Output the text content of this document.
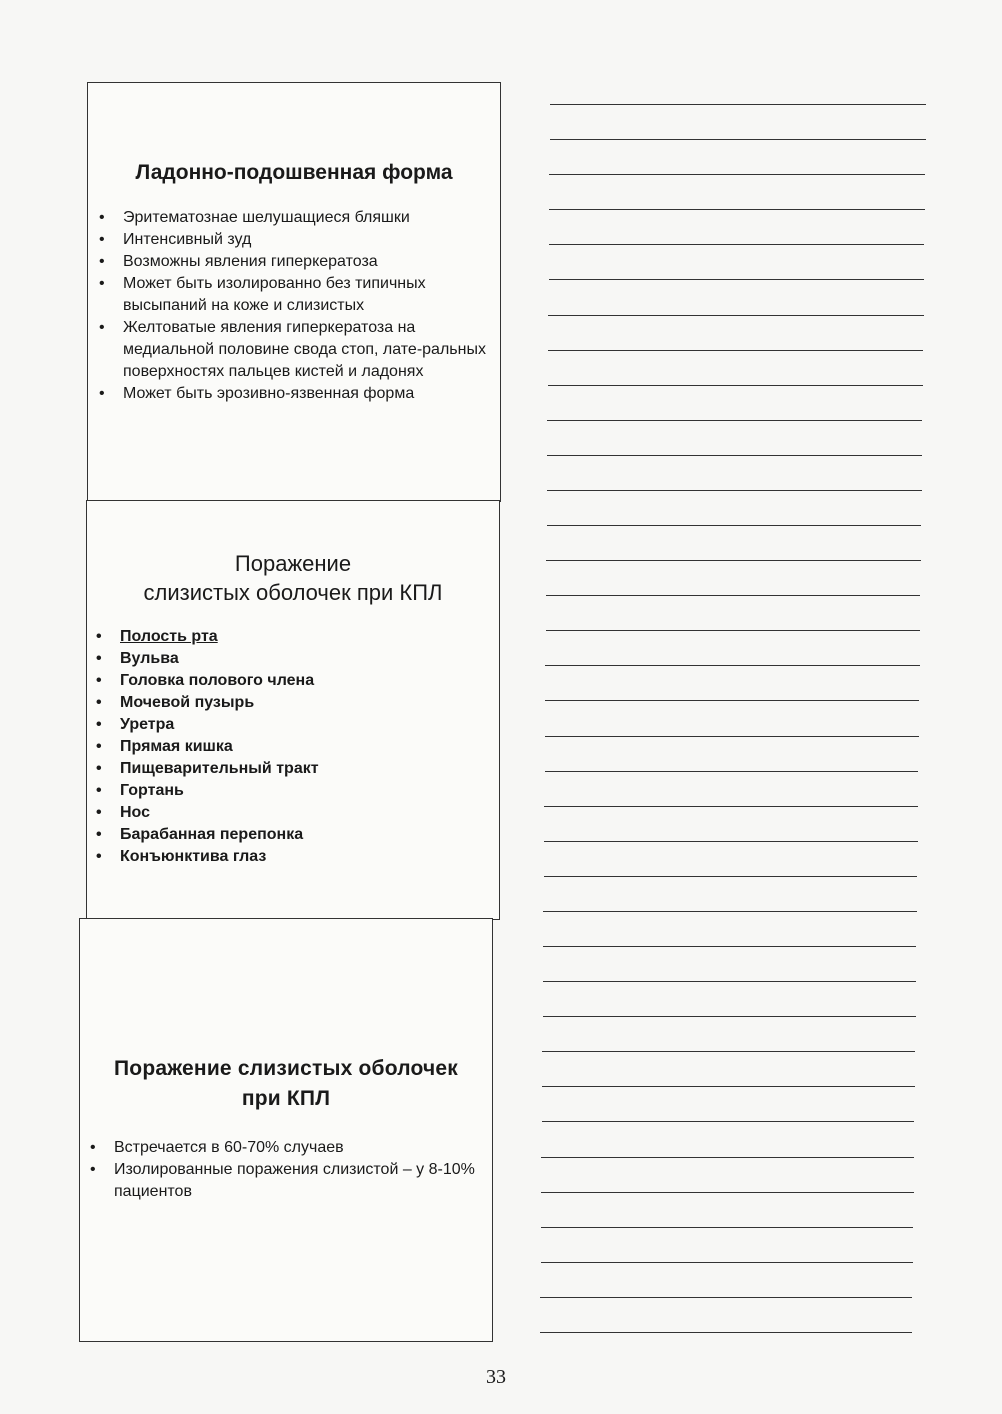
Ладонно-подошвенная форма
• Эритематознае шелушащиеся бляшки
• Интенсивный зуд
• Возможны явления гиперкератоза
• Может быть изолированно без типичных высыпаний на коже и слизистых
• Желтоватые явления гиперкератоза на медиальной половине свода стоп, лате-ральных поверхностях пальцев кистей и ладонях
• Может быть эрозивно-язвенная форма
Поражение
слизистых оболочек при КПЛ
• Полость рта
• Вульва
• Головка полового члена
• Мочевой пузырь
• Уретра
• Прямая кишка
• Пищеварительный тракт
• Гортань
• Нос
• Барабанная перепонка
• Конъюнктива глаз
Поражение слизистых оболочек
при КПЛ
• Встречается в 60-70% случаев
• Изолированные поражения слизистой – у 8-10% пациентов
33
